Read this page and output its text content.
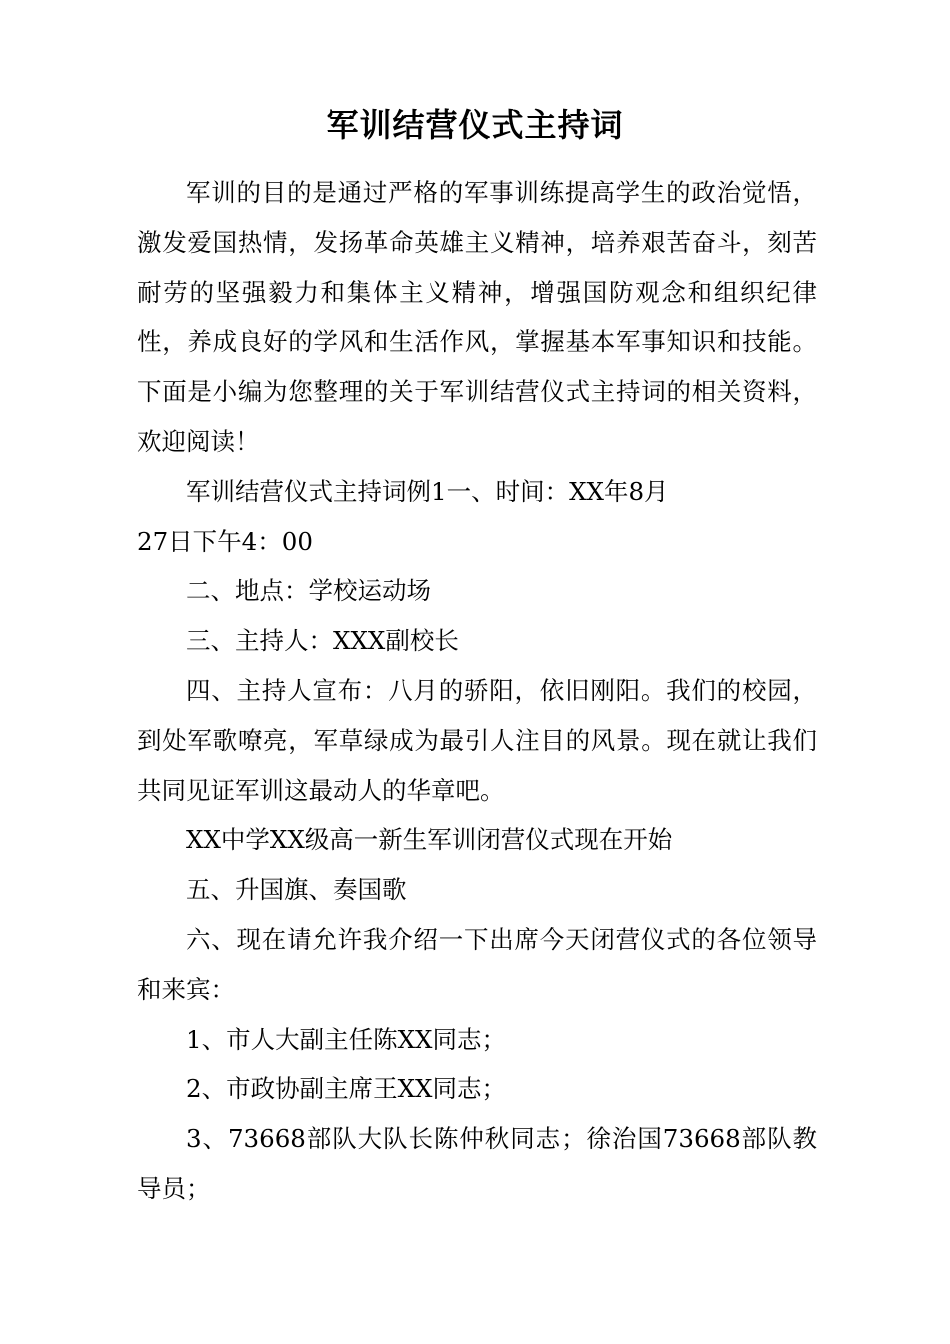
军训结营仪式主持词

军训的目的是通过严格的军事训练提高学生的政治觉悟，激发爱国热情，发扬革命英雄主义精神，培养艰苦奋斗，刻苦耐劳的坚强毅力和集体主义精神，增强国防观念和组织纪律性，养成良好的学风和生活作风，掌握基本军事知识和技能。下面是小编为您整理的关于军训结营仪式主持词的相关资料，欢迎阅读！

军训结营仪式主持词例1一、时间：XX年8月

27日下午4：00

二、地点：学校运动场

三、主持人：XXX副校长

四、主持人宣布：八月的骄阳，依旧刚阳。我们的校园，到处军歌嘹亮，军草绿成为最引人注目的风景。现在就让我们共同见证军训这最动人的华章吧。

XX中学XX级高一新生军训闭营仪式现在开始

五、升国旗、奏国歌

六、现在请允许我介绍一下出席今天闭营仪式的各位领导和来宾：

1、市人大副主任陈XX同志；

2、市政协副主席王XX同志；

3、73668部队大队长陈仲秋同志；徐治国73668部队教导员；
